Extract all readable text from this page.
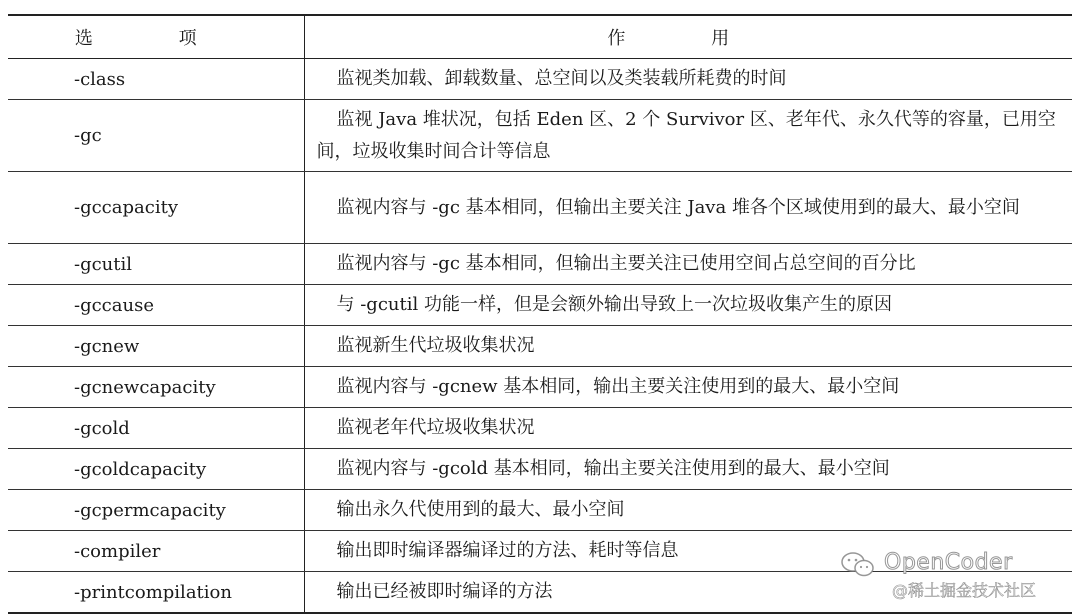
选 项	作 用
-class	监视类加载、卸载数量、总空间以及类装载所耗费的时间
-gc	监视 Java 堆状况，包括 Eden 区、2 个 Survivor 区、老年代、永久代等的容量，已用空间，垃圾收集时间合计等信息
-gccapacity	监视内容与 -gc 基本相同，但输出主要关注 Java 堆各个区域使用到的最大、最小空间
-gcutil	监视内容与 -gc 基本相同，但输出主要关注已使用空间占总空间的百分比
-gccause	与 -gcutil 功能一样，但是会额外输出导致上一次垃圾收集产生的原因
-gcnew	监视新生代垃圾收集状况
-gcnewcapacity	监视内容与 -gcnew 基本相同，输出主要关注使用到的最大、最小空间
-gcold	监视老年代垃圾收集状况
-gcoldcapacity	监视内容与 -gcold 基本相同，输出主要关注使用到的最大、最小空间
-gcpermcapacity	输出永久代使用到的最大、最小空间
-compiler	输出即时编译器编译过的方法、耗时等信息
-printcompilation	输出已经被即时编译的方法
OpenCoder
@稀土掘金技术社区
